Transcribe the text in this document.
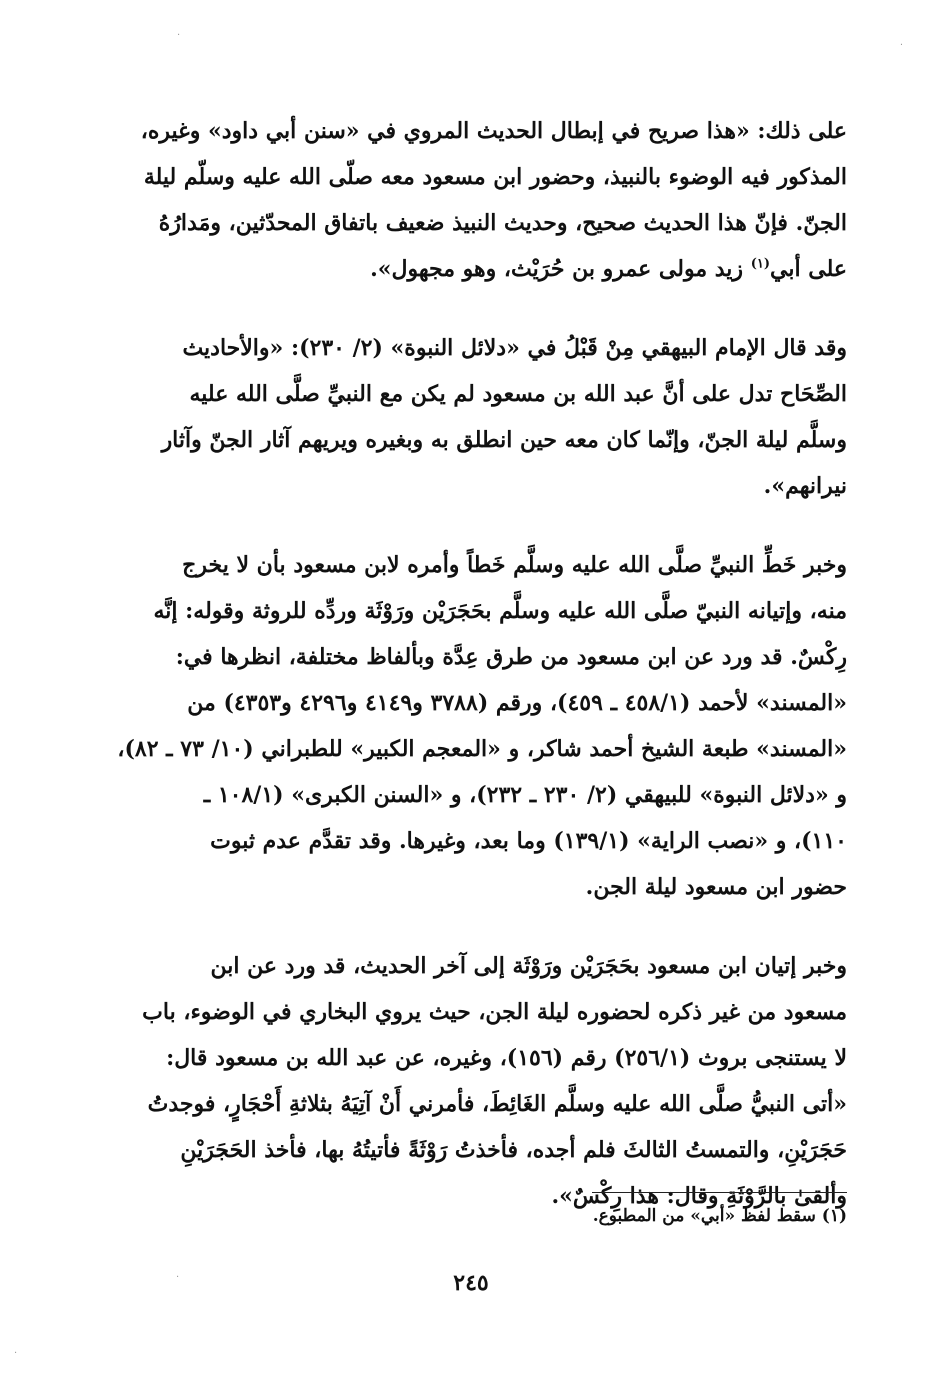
على ذلك: «هذا صريح في إبطال الحديث المروي في «سنن أبي داود» وغيره،

المذكور فيه الوضوء بالنبيذ، وحضور ابن مسعود معه صلّى الله عليه وسلّم ليلة

الجنّ. فإنّ هذا الحديث صحيح، وحديث النبيذ ضعيف باتفاق المحدّثين، ومَدارُهُ

على أبي$^{(١)}$ زيد مولى عمرو بن حُرَيْث، وهو مجهول».

وقد قال الإمام البيهقي مِنْ قَبْلُ في «دلائل النبوة» (٢/ ٢٣٠): «والأحاديث

الصِّحَاح تدل على أنَّ عبد الله بن مسعود لم يكن مع النبيِّ صلَّى الله عليه

وسلَّم ليلة الجنّ، وإنّما كان معه حين انطلق به وبغيره ويريهم آثار الجنّ وآثار

نيرانهم».

وخبر خَطِّ النبيِّ صلَّى الله عليه وسلَّم خَطاً وأمره لابن مسعود بأن لا يخرج

منه، وإتيانه النبيّ صلَّى الله عليه وسلَّم بحَجَرَيْن ورَوْثَة وردِّه للروثة وقوله: إنَّه

رِكْسٌ. قد ورد عن ابن مسعود من طرق عِدَّة وبألفاظ مختلفة، انظرها في:

«المسند» لأحمد (٤٥٨/١ ـ ٤٥٩)، ورقم (٣٧٨٨ و٤١٤٩ و٤٢٩٦ و٤٣٥٣) من

«المسند» طبعة الشيخ أحمد شاكر، و «المعجم الكبير» للطبراني (١٠/ ٧٣ ـ ٨٢)،

و «دلائل النبوة» للبيهقي (٢/ ٢٣٠ ـ ٢٣٢)، و «السنن الكبرى» (١٠٨/١ ـ

١١٠)، و «نصب الراية» (١٣٩/١) وما بعد، وغيرها. وقد تقدَّم عدم ثبوت

حضور ابن مسعود ليلة الجن.

وخبر إتيان ابن مسعود بحَجَرَيْن ورَوْثَة إلى آخر الحديث، قد ورد عن ابن

مسعود من غير ذكره لحضوره ليلة الجن، حيث يروي البخاري في الوضوء، باب

لا يستنجى بروث (٢٥٦/١) رقم (١٥٦)، وغيره، عن عبد الله بن مسعود قال:

«أتى النبيُّ صلَّى الله عليه وسلَّم الغَائِطَ، فأمرني أَنْ آتِيَهُ بثلاثةِ أَحْجَارٍ، فوجدتُ

حَجَرَيْنِ، والتمستُ الثالثَ فلم أجده، فأخذتُ رَوْثَةً فأتيتُهُ بها، فأخذ الحَجَرَيْنِ

وألقىٰ بالرَّوْثَةِ وقال: هذا رِكْسٌ».

(١) سقط لفظ «أبي» من المطبوع.
٢٤٥
·
·
·
·
